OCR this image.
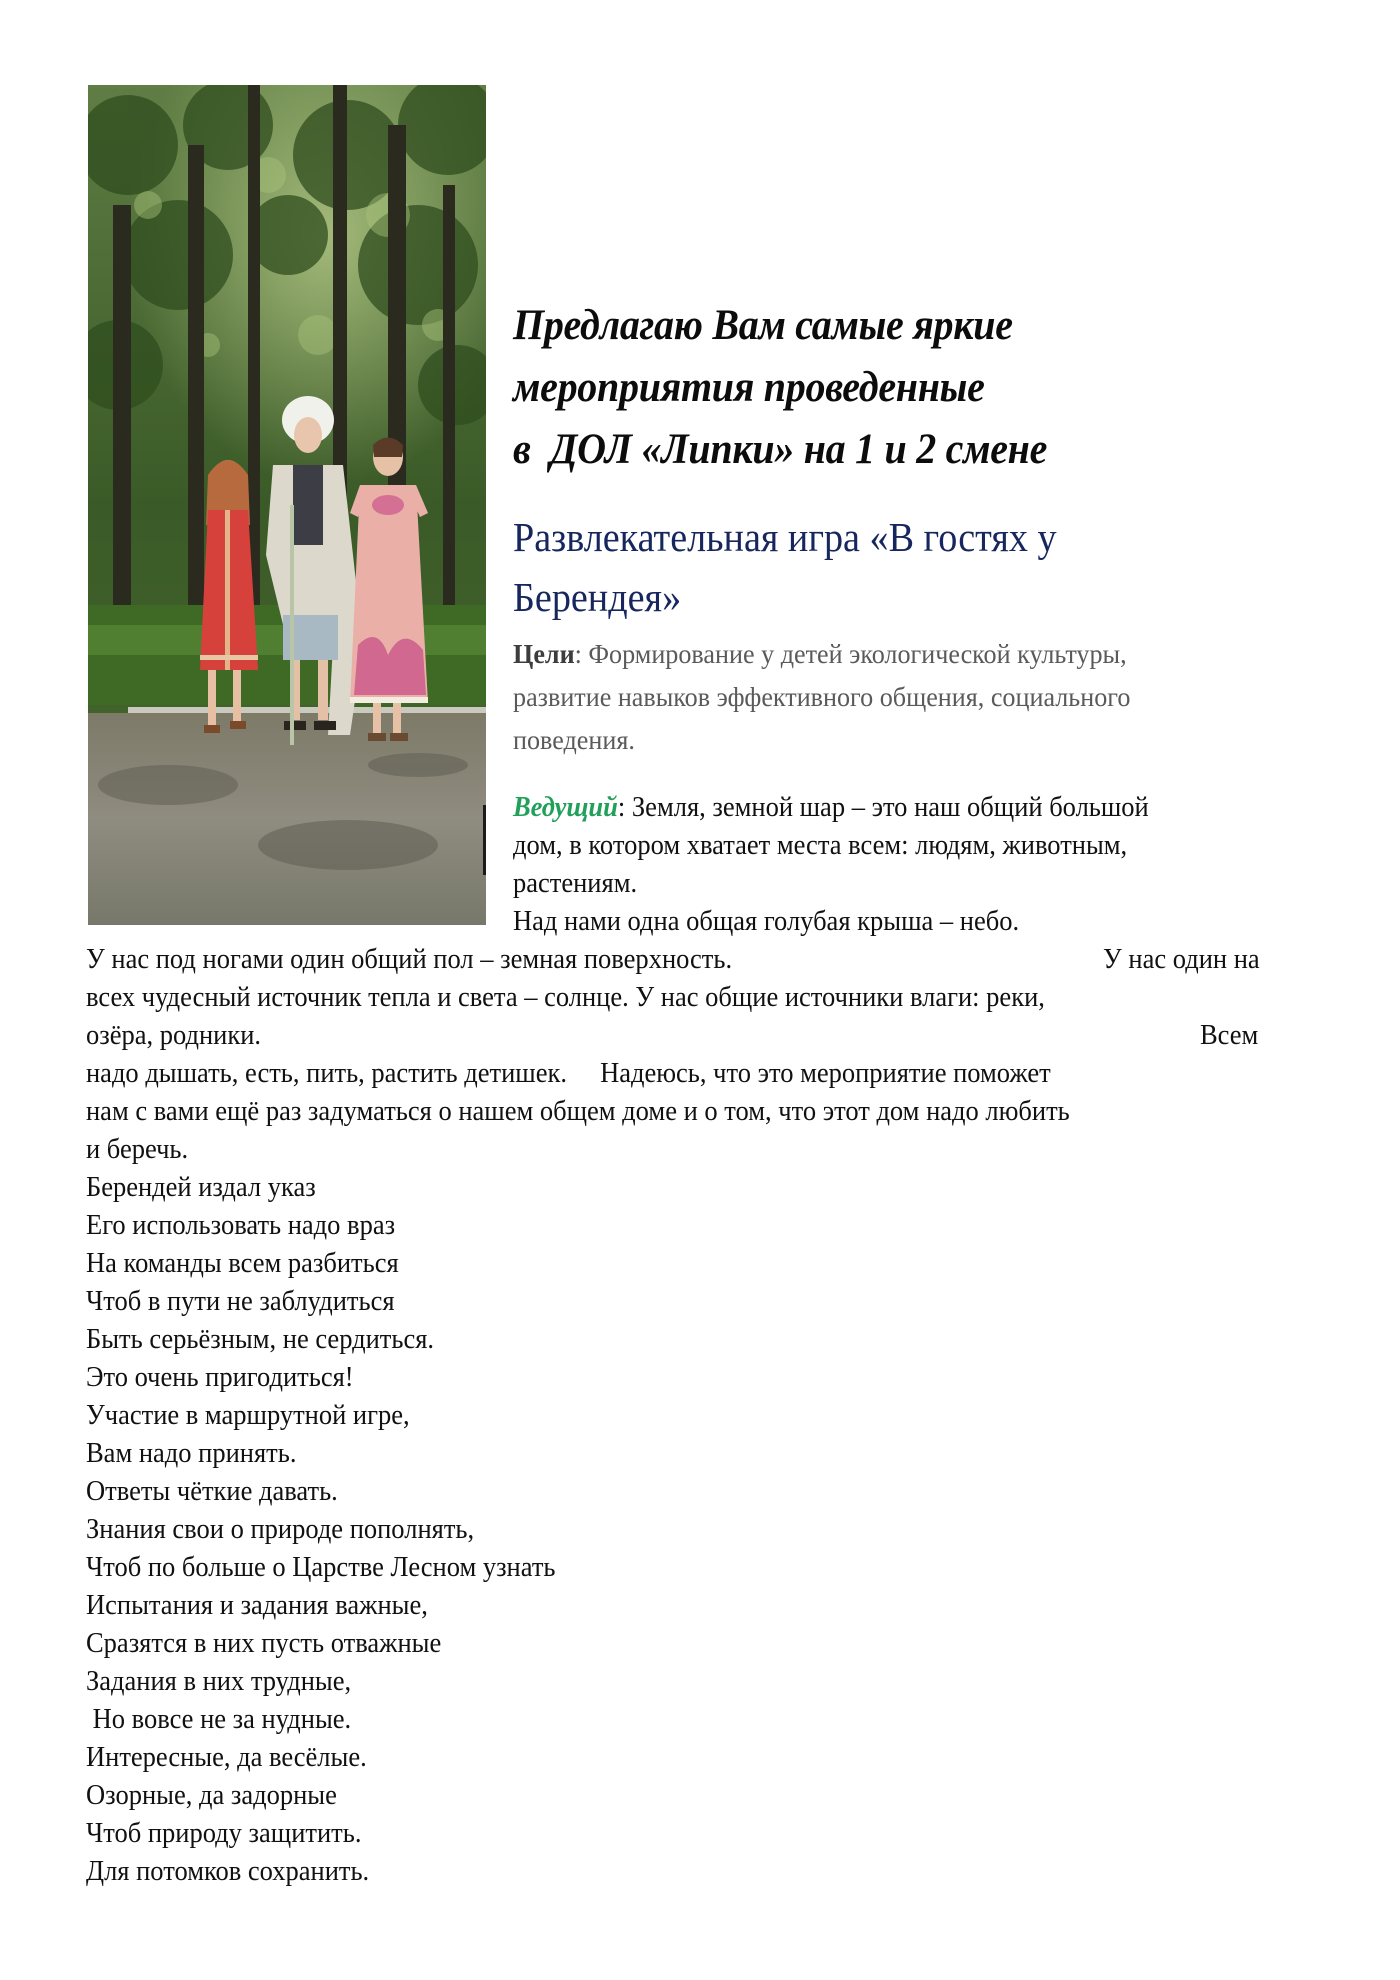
Предлагаю Вам самые яркие
мероприятия проведенные
в  ДОЛ «Липки» на 1 и 2 смене
Развлекательная игра «В гостях у
Берендея»
Цели: Формирование у детей экологической культуры,
развитие навыков эффективного общения, социального
поведения.
Ведущий: Земля, земной шар – это наш общий большой
дом, в котором хватает места всем: людям, животным,
растениям.
Над нами одна общая голубая крыша – небо.
У нас под ногами один общий пол – земная поверхность.	У нас один на
всех чудесный источник тепла и света – солнце. У нас общие источники влаги: реки,
озёра, родники.	Всем
надо дышать, есть, пить, растить детишек.     Надеюсь, что это мероприятие поможет
нам с вами ещё раз задуматься о нашем общем доме и о том, что этот дом надо любить
и беречь.
Берендей издал указ
Его использовать надо враз
На команды всем разбиться
Чтоб в пути не заблудиться
Быть серьёзным, не сердиться.
Это очень пригодиться!
Участие в маршрутной игре,
Вам надо принять.
Ответы чёткие давать.
Знания свои о природе пополнять,
Чтоб по больше о Царстве Лесном узнать
Испытания и задания важные,
Сразятся в них пусть отважные
Задания в них трудные,
Но вовсе не за нудные.
Интересные, да весёлые.
Озорные, да задорные
Чтоб природу защитить.
Для потомков сохранить.
